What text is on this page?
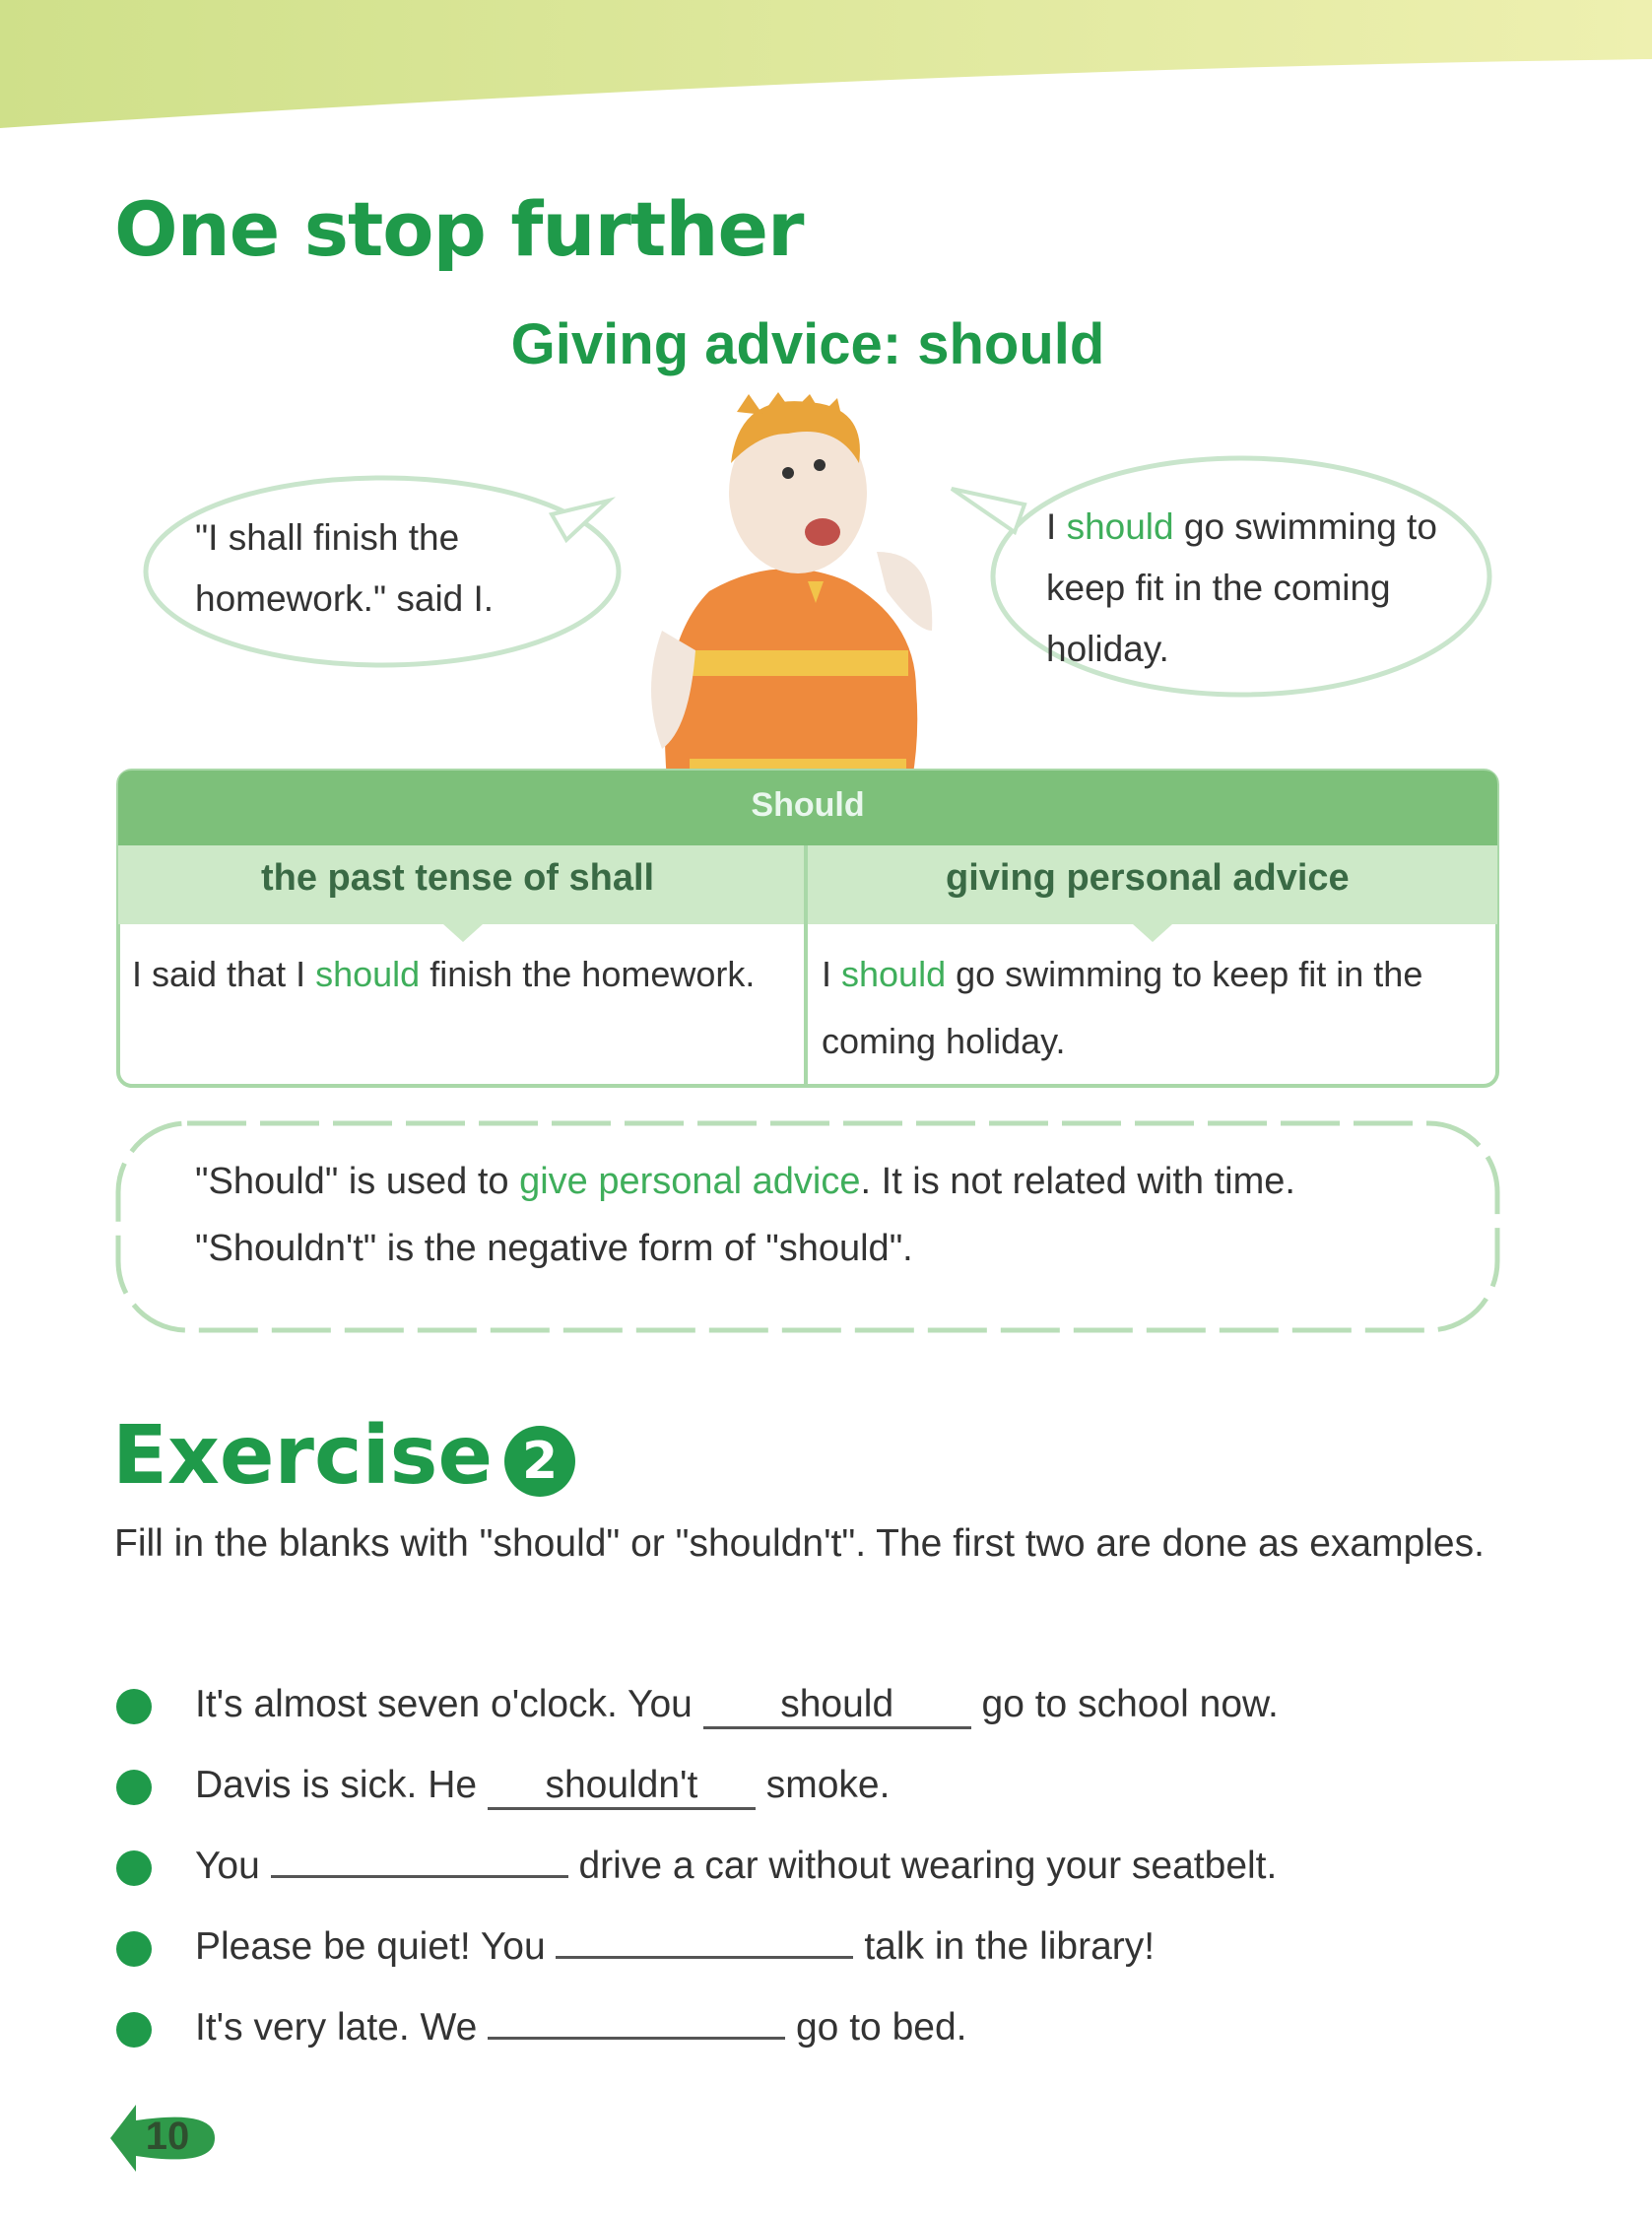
One stop further
Giving advice: should
"I shall finish the homework." said I.
I should go swimming to keep fit in the coming holiday.
Should
the past tense of shall	giving personal advice
I said that I should finish the homework.	I should go swimming to keep fit in the coming holiday.
"Should" is used to give personal advice. It is not related with time.
"Shouldn't" is the negative form of "should".
Exercise 2
Fill in the blanks with "should" or "shouldn't". The first two are done as examples.
It's almost seven o'clock. You should go to school now.
Davis is sick. He shouldn't smoke.
You	drive a car without wearing your seatbelt.
Please be quiet! You	talk in the library!
It's very late. We	go to bed.
10
